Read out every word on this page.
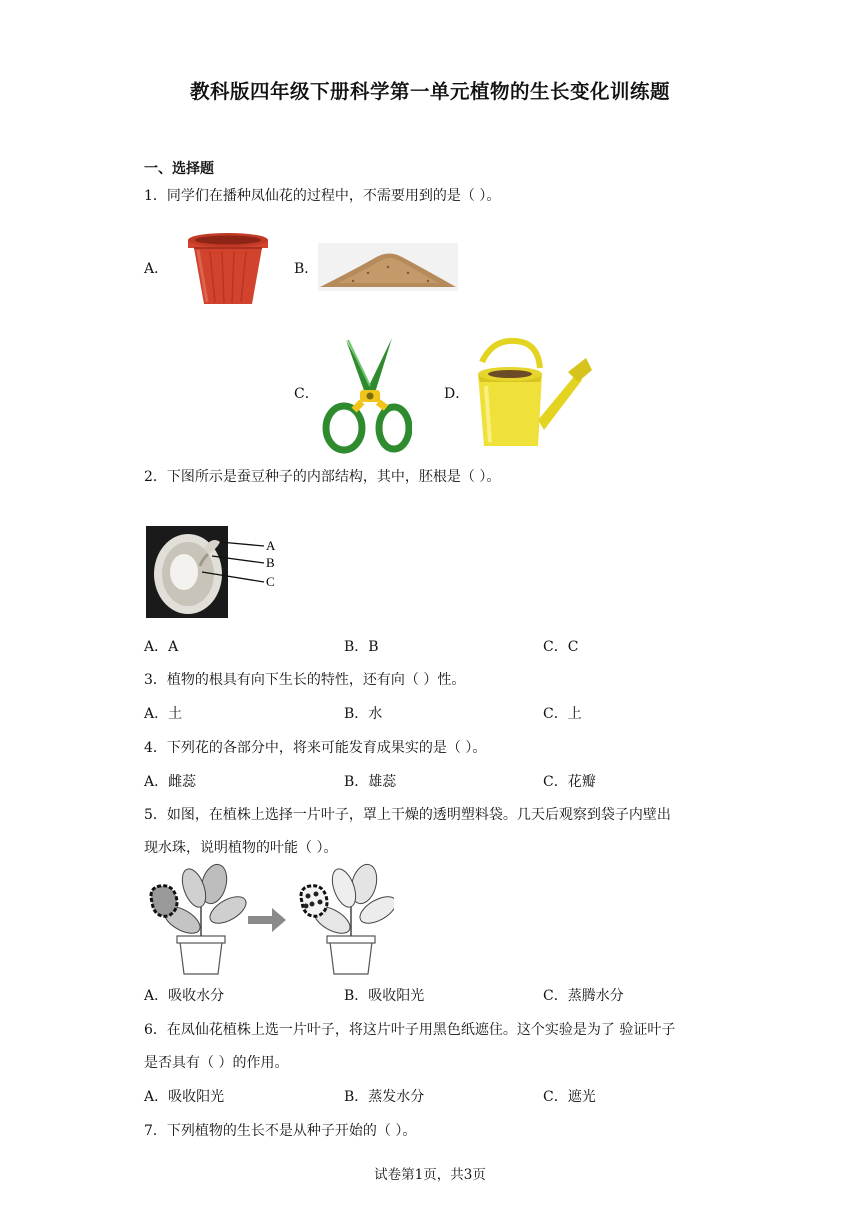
教科版四年级下册科学第一单元植物的生长变化训练题
一、选择题
1．同学们在播种凤仙花的过程中，不需要用到的是（ ）。
A．	B．
C．	D．
2．下图所示是蚕豆种子的内部结构，其中，胚根是（ ）。
A
B
C
A．A	B．B	C．C
3．植物的根具有向下生长的特性，还有向（ ）性。
A．土	B．水	C．上
4．下列花的各部分中，将来可能发育成果实的是（ ）。
A．雌蕊	B．雄蕊	C．花瓣
5．如图，在植株上选择一片叶子，罩上干燥的透明塑料袋。几天后观察到袋子内壁出
现水珠，说明植物的叶能（ ）。
A．吸收水分	B．吸收阳光	C．蒸腾水分
6．在凤仙花植株上选一片叶子，将这片叶子用黑色纸遮住。这个实验是为了 验证叶子
是否具有（ ）的作用。
A．吸收阳光	B．蒸发水分	C．遮光
7．下列植物的生长不是从种子开始的（ ）。
试卷第1页，共3页
